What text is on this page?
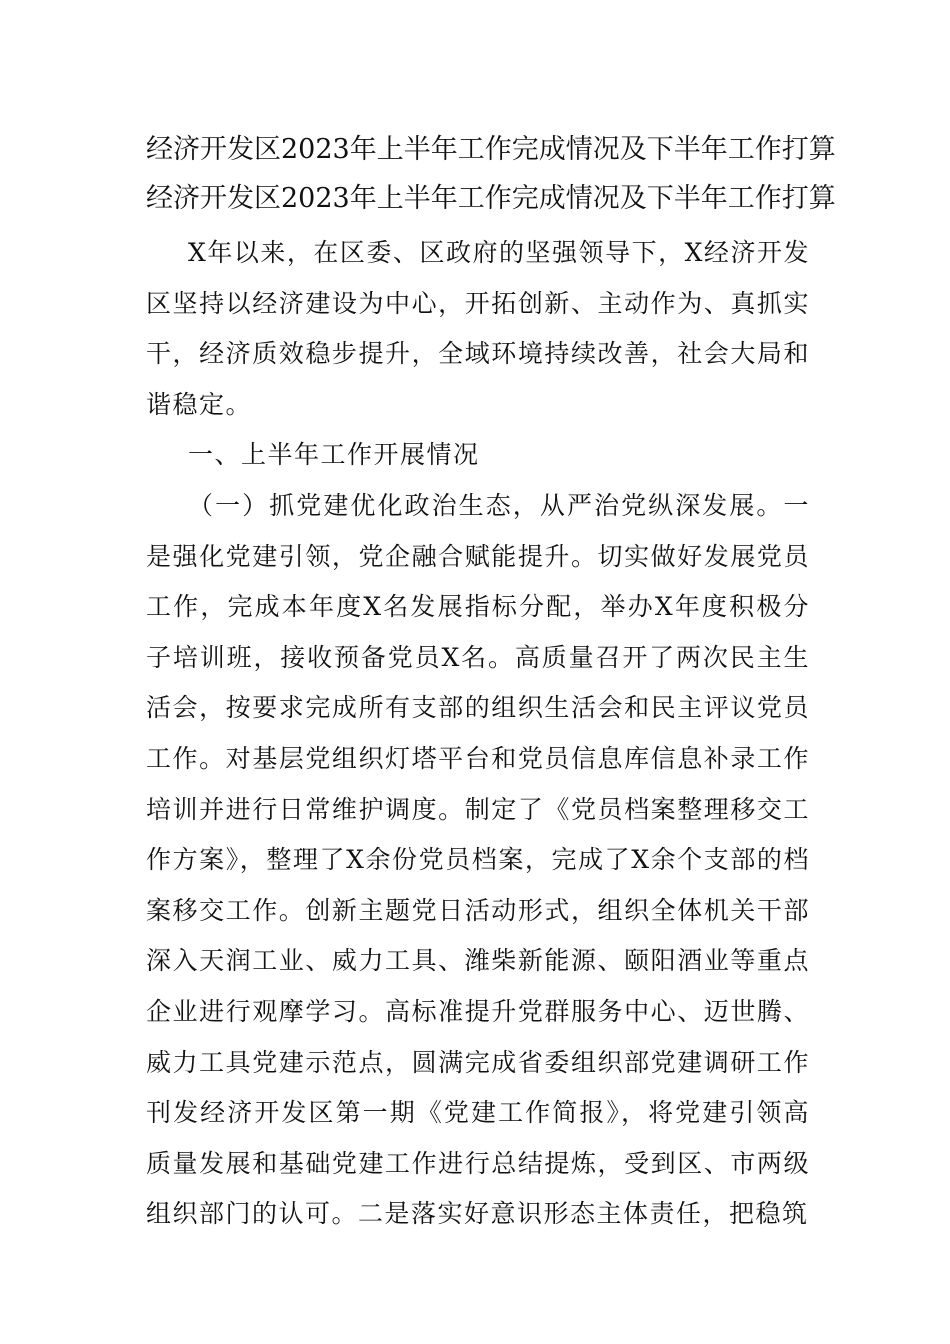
经济开发区2023年上半年工作完成情况及下半年工作打算
经济开发区2023年上半年工作完成情况及下半年工作打算

X年以来，在区委、区政府的坚强领导下，X经济开发区坚持以经济建设为中心，开拓创新、主动作为、真抓实干，经济质效稳步提升，全域环境持续改善，社会大局和谐稳定。

一、上半年工作开展情况

（一）抓党建优化政治生态，从严治党纵深发展。一是强化党建引领，党企融合赋能提升。切实做好发展党员工作，完成本年度X名发展指标分配，举办X年度积极分子培训班，接收预备党员X名。高质量召开了两次民主生活会，按要求完成所有支部的组织生活会和民主评议党员工作。对基层党组织灯塔平台和党员信息库信息补录工作培训并进行日常维护调度。制定了《党员档案整理移交工作方案》，整理了X余份党员档案，完成了X余个支部的档案移交工作。创新主题党日活动形式，组织全体机关干部深入天润工业、威力工具、潍柴新能源、颐阳酒业等重点企业进行观摩学习。高标准提升党群服务中心、迈世腾、威力工具党建示范点，圆满完成省委组织部党建调研工作刊发经济开发区第一期《党建工作简报》，将党建引领高质量发展和基础党建工作进行总结提炼，受到区、市两级组织部门的认可。二是落实好意识形态主体责任，把稳筑
